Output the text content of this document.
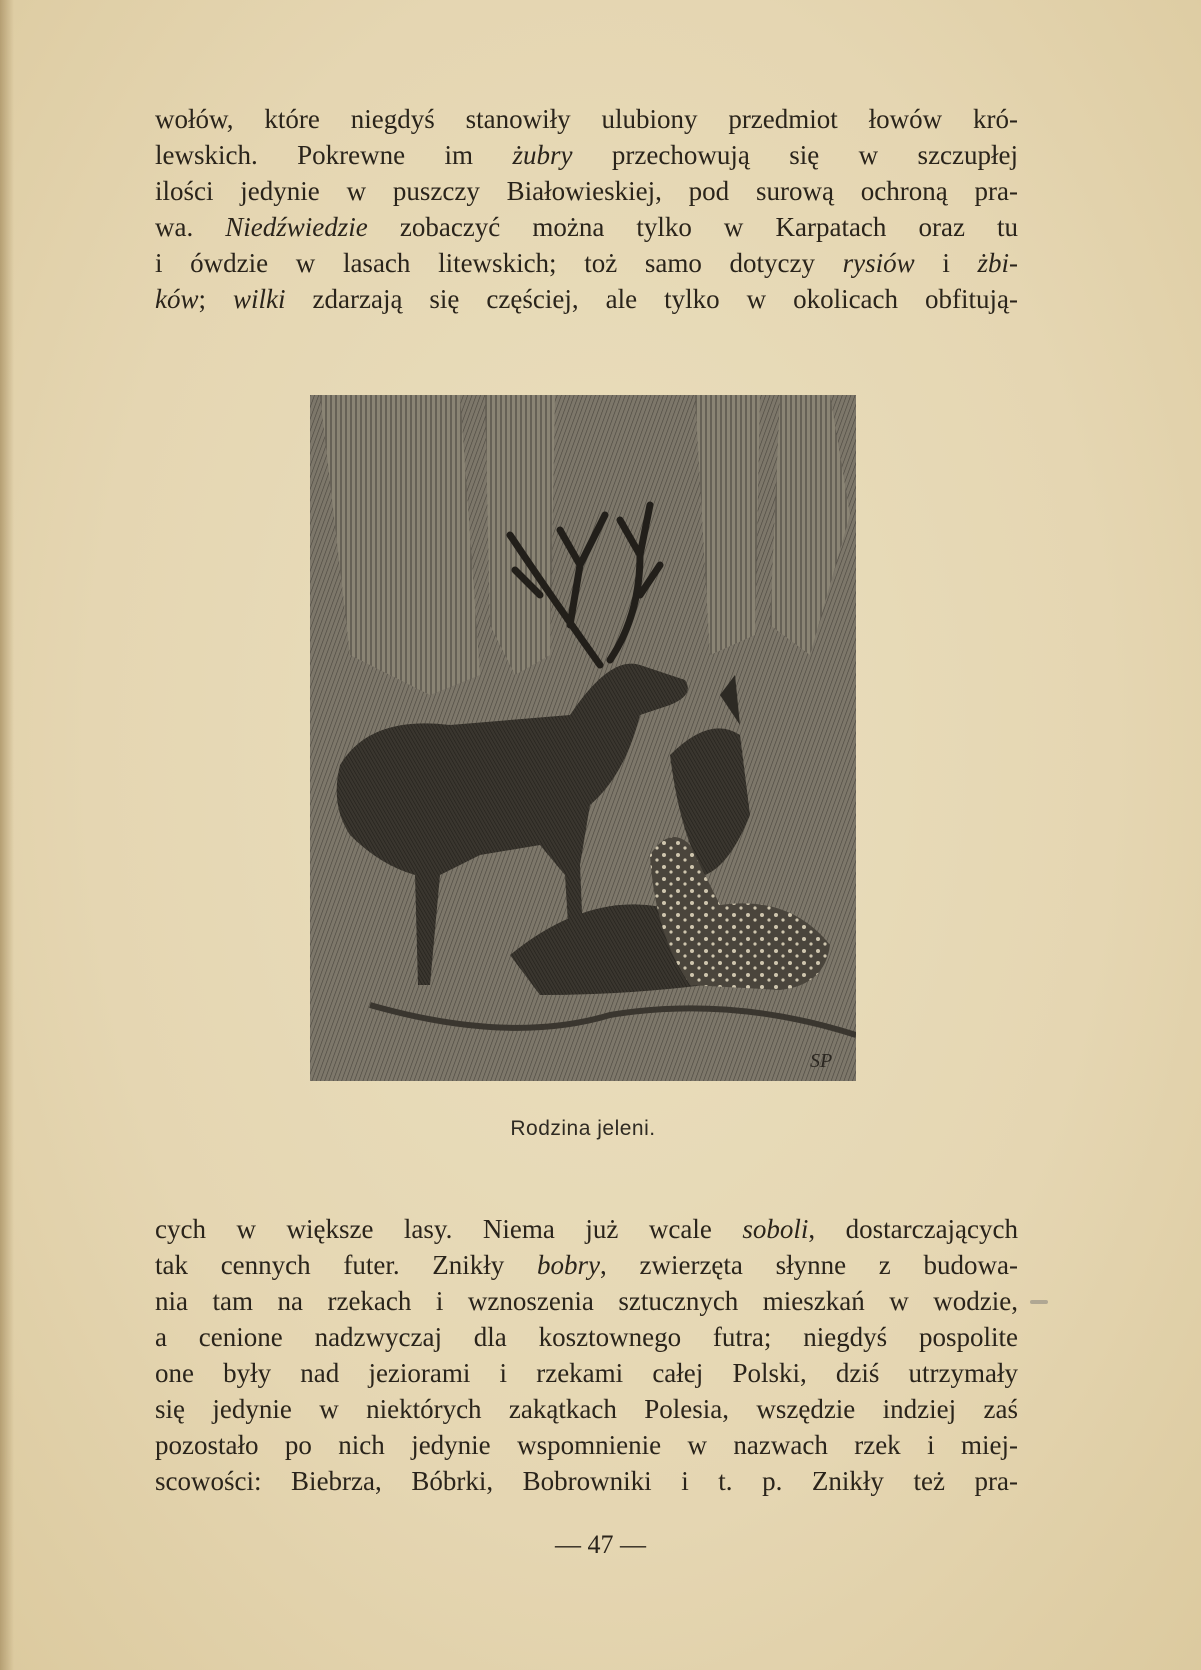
wołów, które niegdyś stanowiły ulubiony przedmiot łowów kró-
lewskich. Pokrewne im żubry przechowują się w szczupłej
ilości jedynie w puszczy Białowieskiej, pod surową ochroną pra-
wa. Niedźwiedzie zobaczyć można tylko w Karpatach oraz tu
i ówdzie w lasach litewskich; toż samo dotyczy rysiów i żbi-
ków; wilki zdarzają się częściej, ale tylko w okolicach obfitują-
SP
Rodzina jeleni.
cych w większe lasy. Niema już wcale soboli, dostarczających
tak cennych futer. Znikły bobry, zwierzęta słynne z budowa-
nia tam na rzekach i wznoszenia sztucznych mieszkań w wodzie,
a cenione nadzwyczaj dla kosztownego futra; niegdyś pospolite
one były nad jeziorami i rzekami całej Polski, dziś utrzymały
się jedynie w niektórych zakątkach Polesia, wszędzie indziej zaś
pozostało po nich jedynie wspomnienie w nazwach rzek i miej-
scowości: Biebrza, Bóbrki, Bobrowniki i t. p. Znikły też pra-
— 47 —
